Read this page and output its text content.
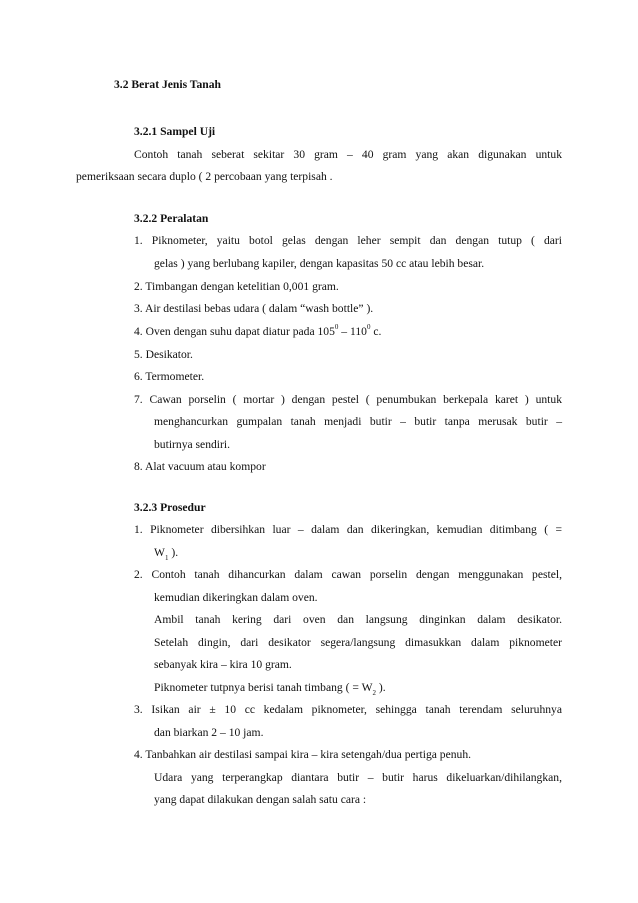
3.2 Berat Jenis Tanah
3.2.1 Sampel Uji
Contoh tanah seberat sekitar 30 gram – 40 gram yang akan digunakan untuk
pemeriksaan secara duplo ( 2 percobaan yang terpisah .
3.2.2 Peralatan
1. Piknometer, yaitu botol gelas dengan leher sempit dan dengan tutup ( dari
gelas ) yang berlubang kapiler, dengan kapasitas 50 cc atau lebih besar.
2. Timbangan dengan ketelitian 0,001 gram.
3. Air destilasi bebas udara ( dalam “wash bottle” ).
4. Oven dengan suhu dapat diatur pada $105^0 - 110^0$ c.
5. Desikator.
6. Termometer.
7. Cawan porselin ( mortar ) dengan pestel ( penumbukan berkepala karet ) untuk
menghancurkan gumpalan tanah menjadi butir – butir tanpa merusak butir –
butirnya sendiri.
8. Alat vacuum atau kompor
3.2.3 Prosedur
1. Piknometer dibersihkan luar – dalam dan dikeringkan, kemudian ditimbang ( =
$W_1$ ).
2. Contoh tanah dihancurkan dalam cawan porselin dengan menggunakan pestel,
kemudian dikeringkan dalam oven.
Ambil tanah kering dari oven dan langsung dinginkan dalam desikator.
Setelah dingin, dari desikator segera/langsung dimasukkan dalam piknometer
sebanyak kira – kira 10 gram.
Piknometer tutpnya berisi tanah timbang ( = $W_2$ ).
3. Isikan air ± 10 cc kedalam piknometer, sehingga tanah terendam seluruhnya
dan biarkan 2 – 10 jam.
4. Tanbahkan air destilasi sampai kira – kira setengah/dua pertiga penuh.
Udara yang terperangkap diantara butir – butir harus dikeluarkan/dihilangkan,
yang dapat dilakukan dengan salah satu cara :
